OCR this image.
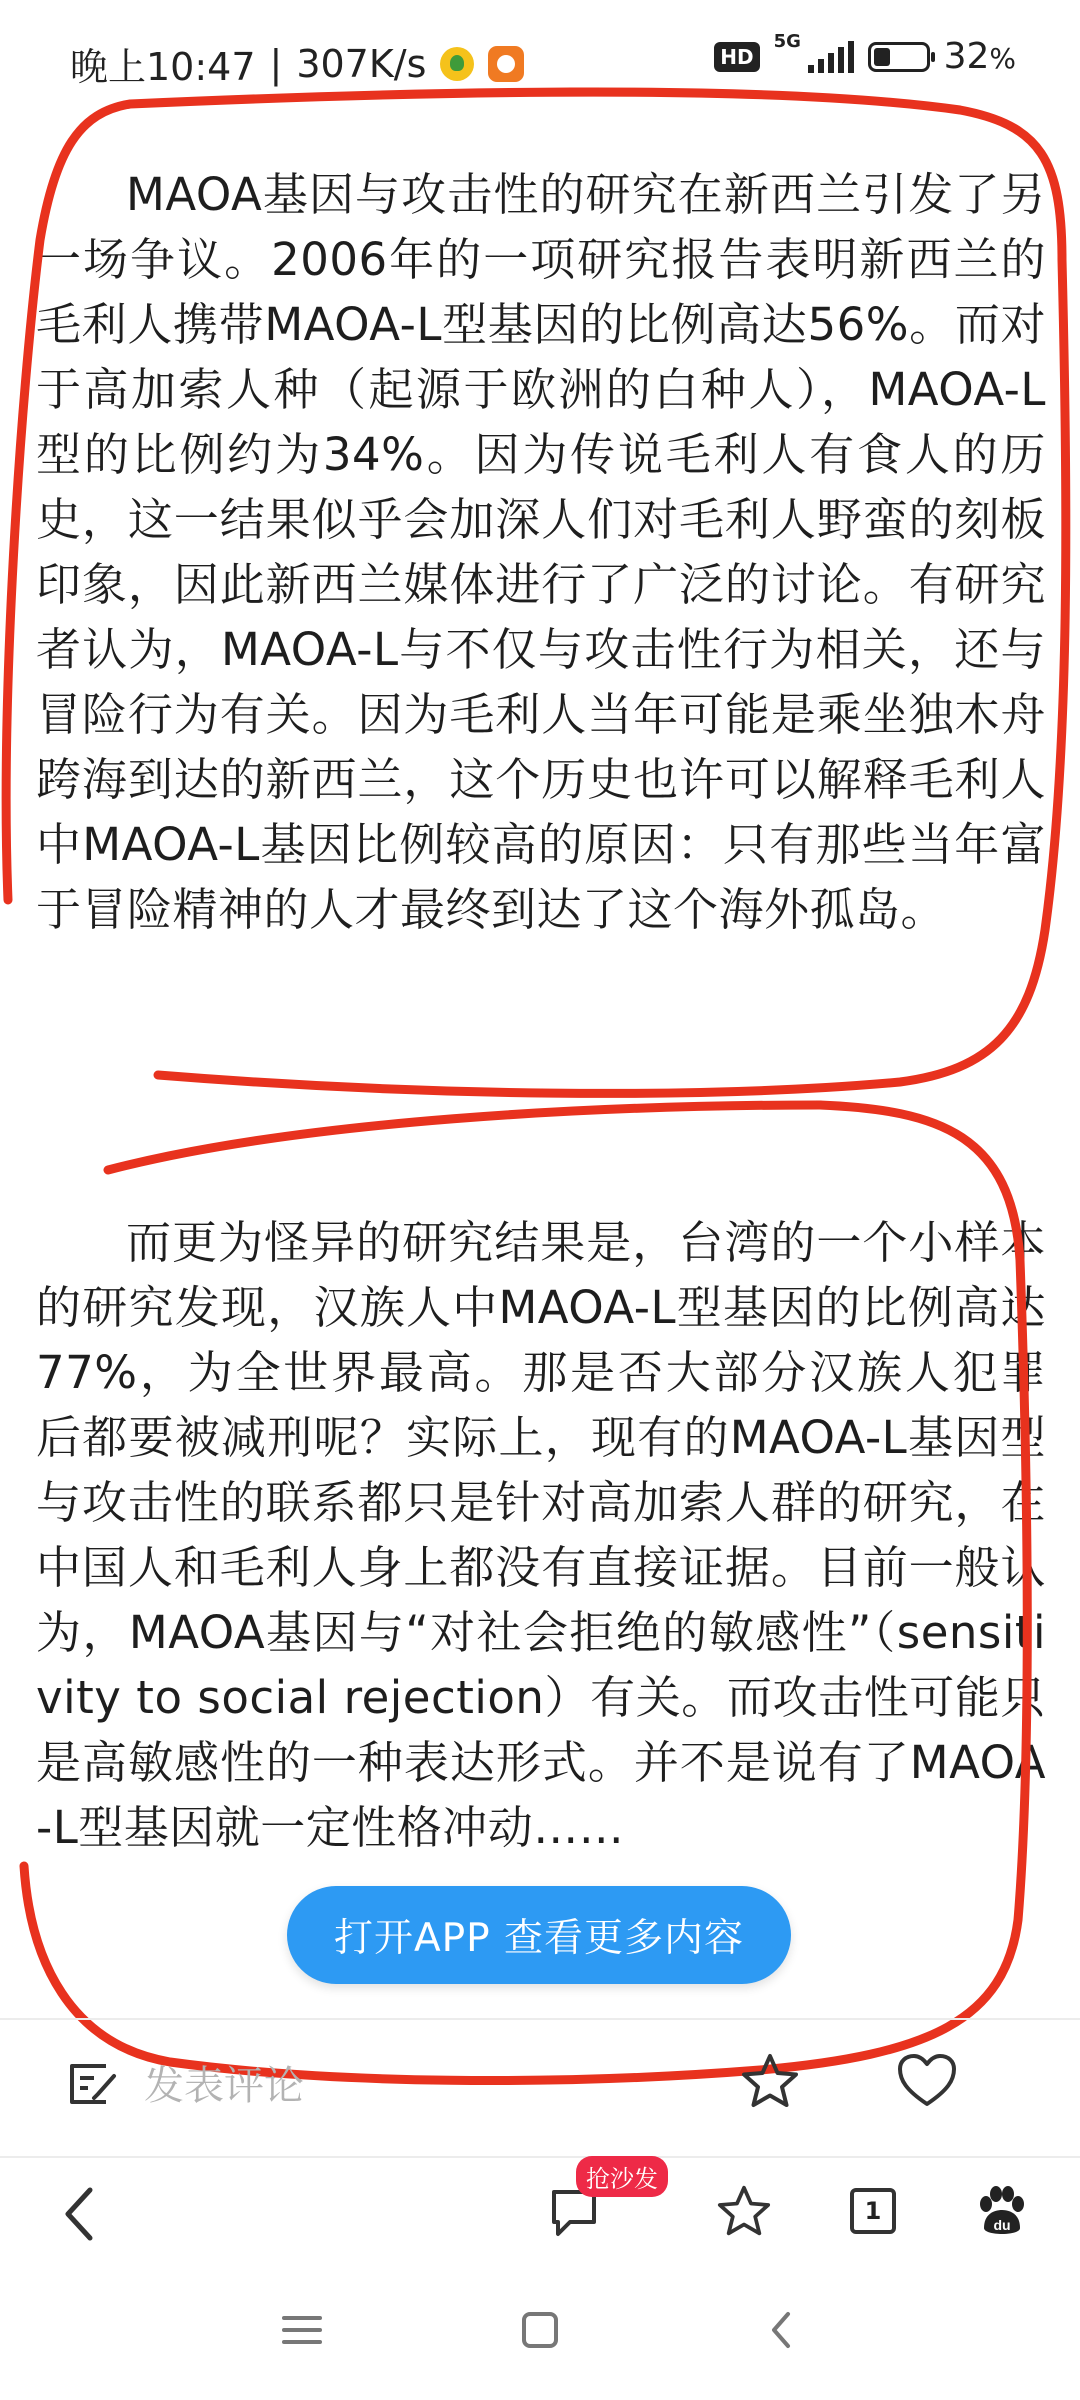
晚上10:47 | 307K/s	HD
5G	32%

MAOA基因与攻击性的研究在新西兰引发了另一场争议。2006年的一项研究报告表明新西兰的毛利人携带MAOA-L型基因的比例高达56%。而对于高加索人种（起源于欧洲的白种人），MAOA-L型的比例约为34%。因为传说毛利人有食人的历史，这一结果似乎会加深人们对毛利人野蛮的刻板印象，因此新西兰媒体进行了广泛的讨论。有研究者认为，MAOA-L与不仅与攻击性行为相关，还与冒险行为有关。因为毛利人当年可能是乘坐独木舟跨海到达的新西兰，这个历史也许可以解释毛利人中MAOA-L基因比例较高的原因：只有那些当年富于冒险精神的人才最终到达了这个海外孤岛。

而更为怪异的研究结果是，台湾的一个小样本的研究发现，汉族人中MAOA-L型基因的比例高达77%，为全世界最高。那是否大部分汉族人犯罪后都要被减刑呢？实际上，现有的MAOA-L基因型与攻击性的联系都只是针对高加索人群的研究，在中国人和毛利人身上都没有直接证据。目前一般认为，MAOA基因与“对社会拒绝的敏感性”（sensitivity to social rejection）有关。而攻击性可能只是高敏感性的一种表达形式。并不是说有了MAOA-L型基因就一定性格冲动……

打开APP 查看更多内容
发表评论
抢沙发
1	du
